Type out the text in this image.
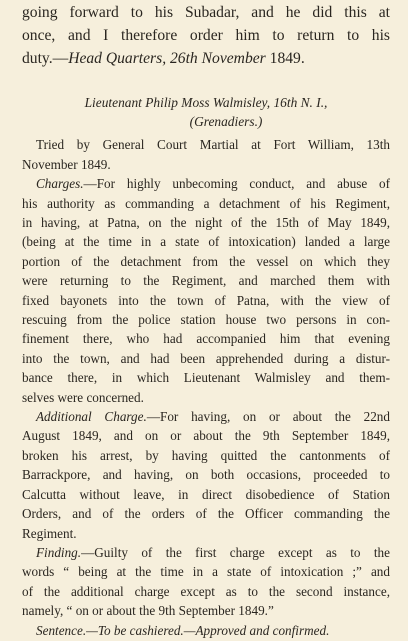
going forward to his Subadar, and he did this at
once, and I therefore order him to return to his
duty.—Head Quarters, 26th November 1849.
Lieutenant Philip Moss Walmisley, 16th N. I.,
(Grenadiers.)
Tried by General Court Martial at Fort William, 13th
November 1849.
Charges.—For highly unbecoming conduct, and abuse of
his authority as commanding a detachment of his Regiment,
in having, at Patna, on the night of the 15th of May 1849,
(being at the time in a state of intoxication) landed a large
portion of the detachment from the vessel on which they
were returning to the Regiment, and marched them with
fixed bayonets into the town of Patna, with the view of
rescuing from the police station house two persons in con-
finement there, who had accompanied him that evening
into the town, and had been apprehended during a distur-
bance there, in which Lieutenant Walmisley and them-
selves were concerned.
Additional Charge.—For having, on or about the 22nd
August 1849, and on or about the 9th September 1849,
broken his arrest, by having quitted the cantonments of
Barrackpore, and having, on both occasions, proceeded to
Calcutta without leave, in direct disobedience of Station
Orders, and of the orders of the Officer commanding the
Regiment.
Finding.—Guilty of the first charge except as to the
words “ being at the time in a state of intoxication ;” and
of the additional charge except as to the second instance,
namely, “ on or about the 9th September 1849.”
Sentence.—To be cashiered.—Approved and confirmed.
